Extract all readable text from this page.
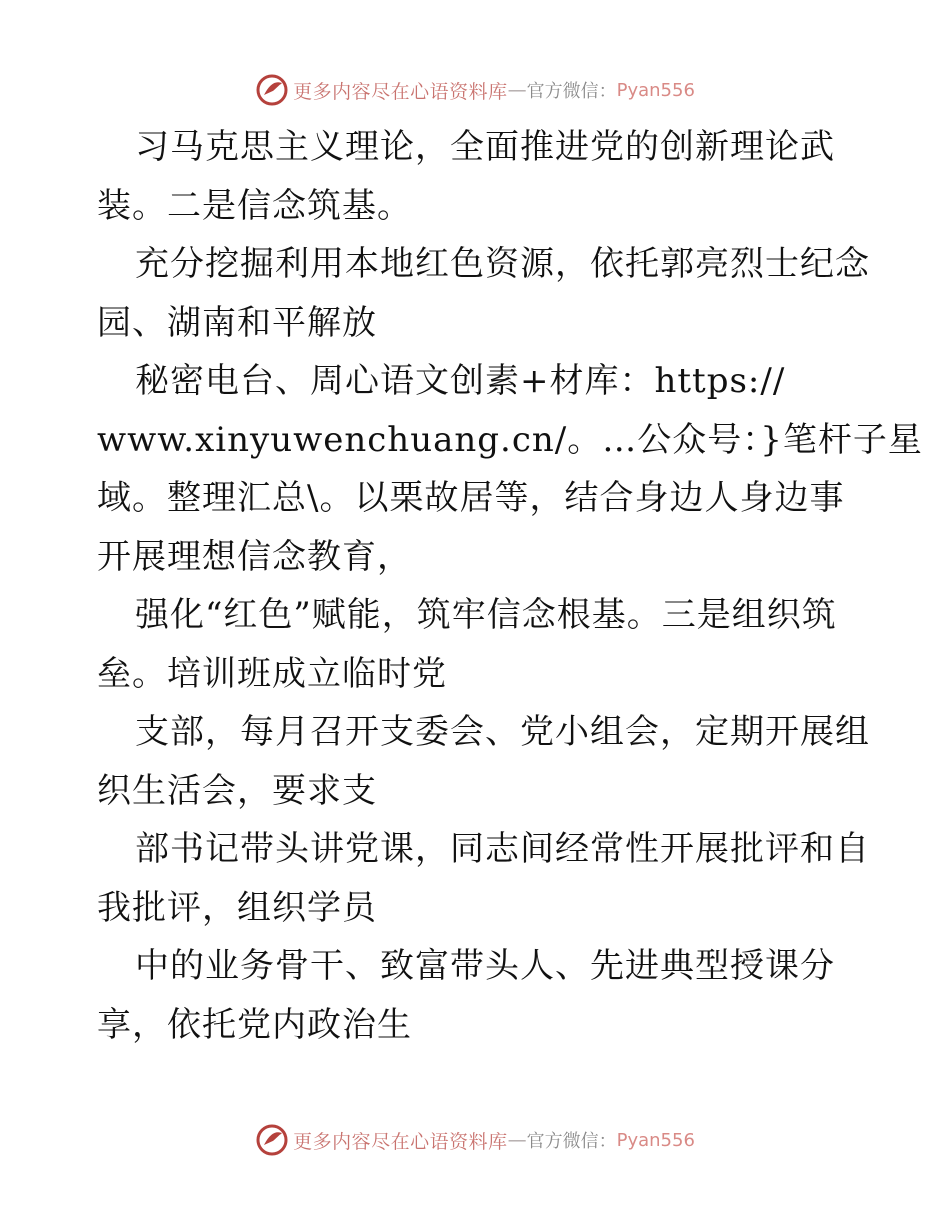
更多内容尽在心语资料库 — 官方微信： Pyan556

习马克思主义理论，全面推进党的创新理论武
装。二是信念筑基。

充分挖掘利用本地红色资源，依托郭亮烈士纪念
园、湖南和平解放

秘密电台、周心语文创素+材库：https://
www.xinyuwenchuang.cn/。…公众号：}笔杆子星
域。整理汇总\。以栗故居等，结合身边人身边事
开展理想信念教育，

强化“红色”赋能，筑牢信念根基。三是组织筑
垒。培训班成立临时党

支部，每月召开支委会、党小组会，定期开展组
织生活会，要求支

部书记带头讲党课，同志间经常性开展批评和自
我批评，组织学员

中的业务骨干、致富带头人、先进典型授课分
享，依托党内政治生

更多内容尽在心语资料库 — 官方微信： Pyan556
